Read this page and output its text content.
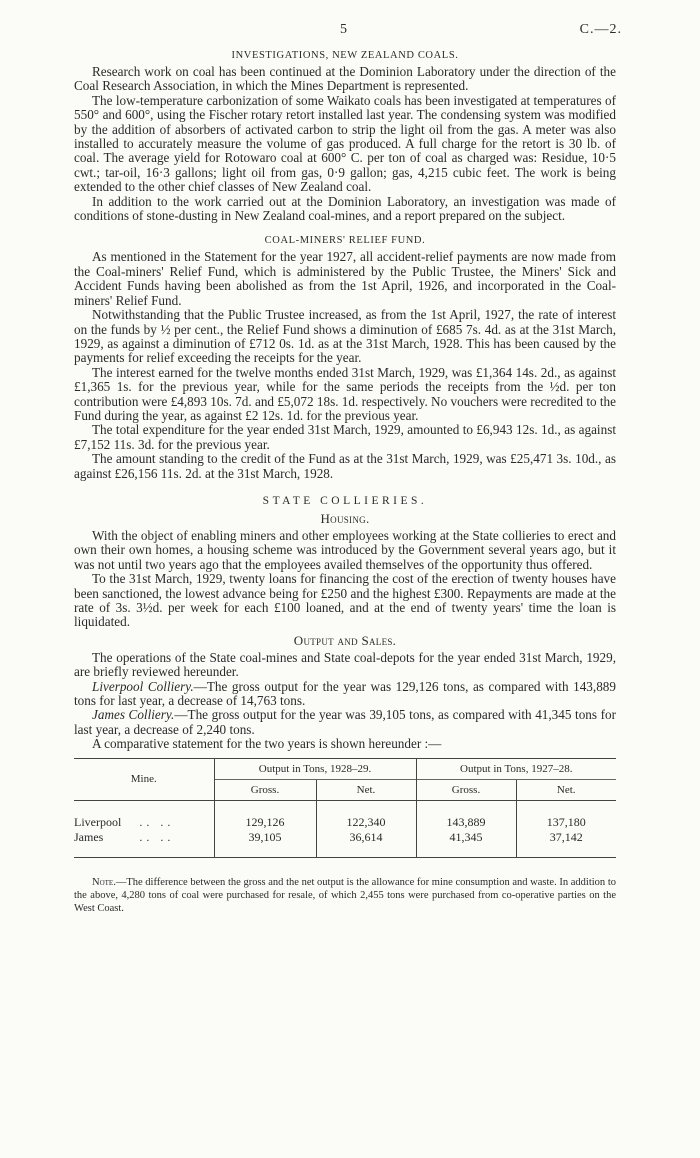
5	C.—2.
INVESTIGATIONS, NEW ZEALAND COALS.

Research work on coal has been continued at the Dominion Laboratory under the direction of the Coal Research Association, in which the Mines Department is represented.

The low-temperature carbonization of some Waikato coals has been investigated at temperatures of 550° and 600°, using the Fischer rotary retort installed last year. The condensing system was modified by the addition of absorbers of activated carbon to strip the light oil from the gas. A meter was also installed to accurately measure the volume of gas produced. A full charge for the retort is 30 lb. of coal. The average yield for Rotowaro coal at 600° C. per ton of coal as charged was: Residue, 10·5 cwt.; tar-oil, 16·3 gallons; light oil from gas, 0·9 gallon; gas, 4,215 cubic feet. The work is being extended to the other chief classes of New Zealand coal.

In addition to the work carried out at the Dominion Laboratory, an investigation was made of conditions of stone-dusting in New Zealand coal-mines, and a report prepared on the subject.

COAL-MINERS' RELIEF FUND.

As mentioned in the Statement for the year 1927, all accident-relief payments are now made from the Coal-miners' Relief Fund, which is administered by the Public Trustee, the Miners' Sick and Accident Funds having been abolished as from the 1st April, 1926, and incorporated in the Coal-miners' Relief Fund.

Notwithstanding that the Public Trustee increased, as from the 1st April, 1927, the rate of interest on the funds by ½ per cent., the Relief Fund shows a diminution of £685 7s. 4d. as at the 31st March, 1929, as against a diminution of £712 0s. 1d. as at the 31st March, 1928. This has been caused by the payments for relief exceeding the receipts for the year.

The interest earned for the twelve months ended 31st March, 1929, was £1,364 14s. 2d., as against £1,365 1s. for the previous year, while for the same periods the receipts from the ½d. per ton contribution were £4,893 10s. 7d. and £5,072 18s. 1d. respectively. No vouchers were recredited to the Fund during the year, as against £2 12s. 1d. for the previous year.

The total expenditure for the year ended 31st March, 1929, amounted to £6,943 12s. 1d., as against £7,152 11s. 3d. for the previous year.

The amount standing to the credit of the Fund as at the 31st March, 1929, was £25,471 3s. 10d., as against £26,156 11s. 2d. at the 31st March, 1928.

STATE COLLIERIES.
Housing.

With the object of enabling miners and other employees working at the State collieries to erect and own their own homes, a housing scheme was introduced by the Government several years ago, but it was not until two years ago that the employees availed themselves of the opportunity thus offered.

To the 31st March, 1929, twenty loans for financing the cost of the erection of twenty houses have been sanctioned, the lowest advance being for £250 and the highest £300. Repayments are made at the rate of 3s. 3½d. per week for each £100 loaned, and at the end of twenty years' time the loan is liquidated.

Output and Sales.

The operations of the State coal-mines and State coal-depots for the year ended 31st March, 1929, are briefly reviewed hereunder.

Liverpool Colliery.—The gross output for the year was 129,126 tons, as compared with 143,889 tons for last year, a decrease of 14,763 tons.

James Colliery.—The gross output for the year was 39,105 tons, as compared with 41,345 tons for last year, a decrease of 2,240 tons.

A comparative statement for the two years is shown hereunder :—

Mine.	Output in Tons, 1928–29.		Output in Tons, 1927–28.	
	Gross.	Net.	Gross.	Net.
Liverpool .. ..	129,126	122,340	143,889	137,180
James .. ..	39,105	36,614	41,345	37,142
Note.—The difference between the gross and the net output is the allowance for mine consumption and waste. In addition to the above, 4,280 tons of coal were purchased for resale, of which 2,455 tons were purchased from co-operative parties on the West Coast.
